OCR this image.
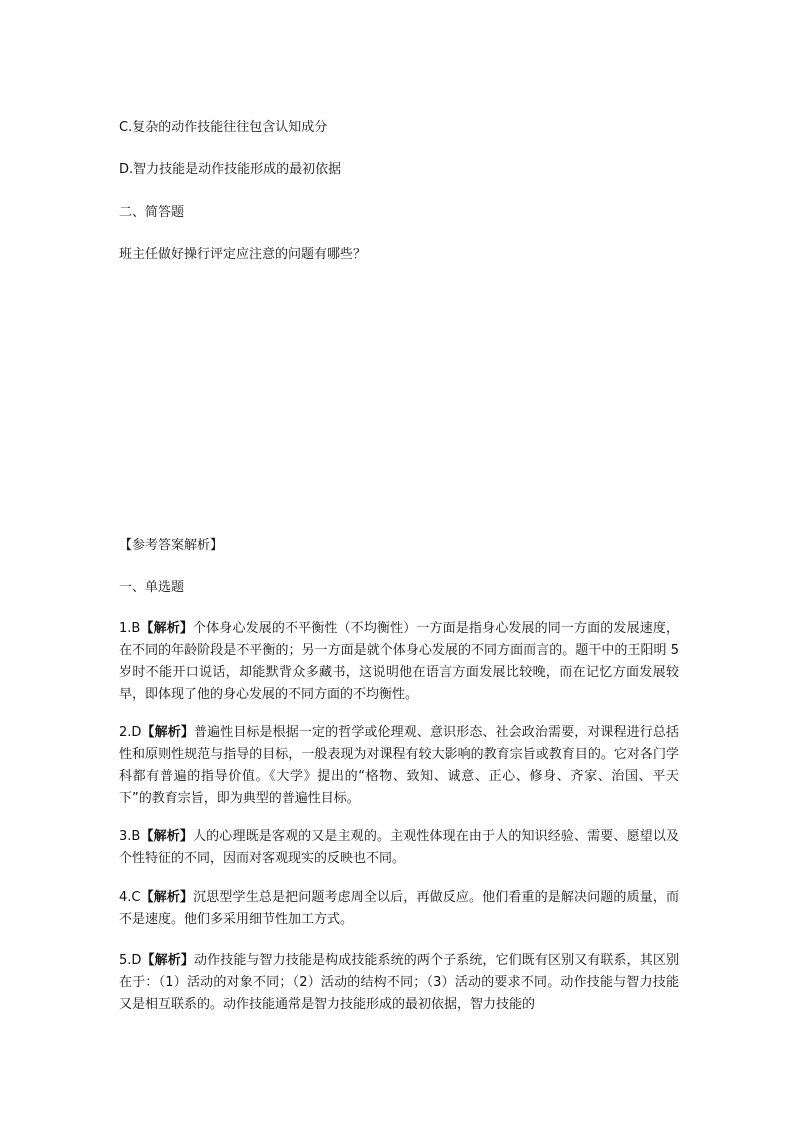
C.复杂的动作技能往往包含认知成分
D.智力技能是动作技能形成的最初依据
二、简答题
班主任做好操行评定应注意的问题有哪些？
【参考答案解析】
一、单选题
1.B【解析】个体身心发展的不平衡性（不均衡性）一方面是指身心发展的同一方面的发展速度，在不同的年龄阶段是不平衡的；另一方面是就个体身心发展的不同方面而言的。题干中的王阳明 5 岁时不能开口说话，却能默背众多藏书，这说明他在语言方面发展比较晚，而在记忆方面发展较早，即体现了他的身心发展的不同方面的不均衡性。
2.D【解析】普遍性目标是根据一定的哲学或伦理观、意识形态、社会政治需要，对课程进行总括性和原则性规范与指导的目标，一般表现为对课程有较大影响的教育宗旨或教育目的。它对各门学科都有普遍的指导价值。《大学》提出的“格物、致知、诚意、正心、修身、齐家、治国、平天下”的教育宗旨，即为典型的普遍性目标。
3.B【解析】人的心理既是客观的又是主观的。主观性体现在由于人的知识经验、需要、愿望以及个性特征的不同，因而对客观现实的反映也不同。
4.C【解析】沉思型学生总是把问题考虑周全以后，再做反应。他们看重的是解决问题的质量，而不是速度。他们多采用细节性加工方式。
5.D【解析】动作技能与智力技能是构成技能系统的两个子系统，它们既有区别又有联系，其区别在于：（1）活动的对象不同；（2）活动的结构不同；（3）活动的要求不同。动作技能与智力技能又是相互联系的。动作技能通常是智力技能形成的最初依据，智力技能的
